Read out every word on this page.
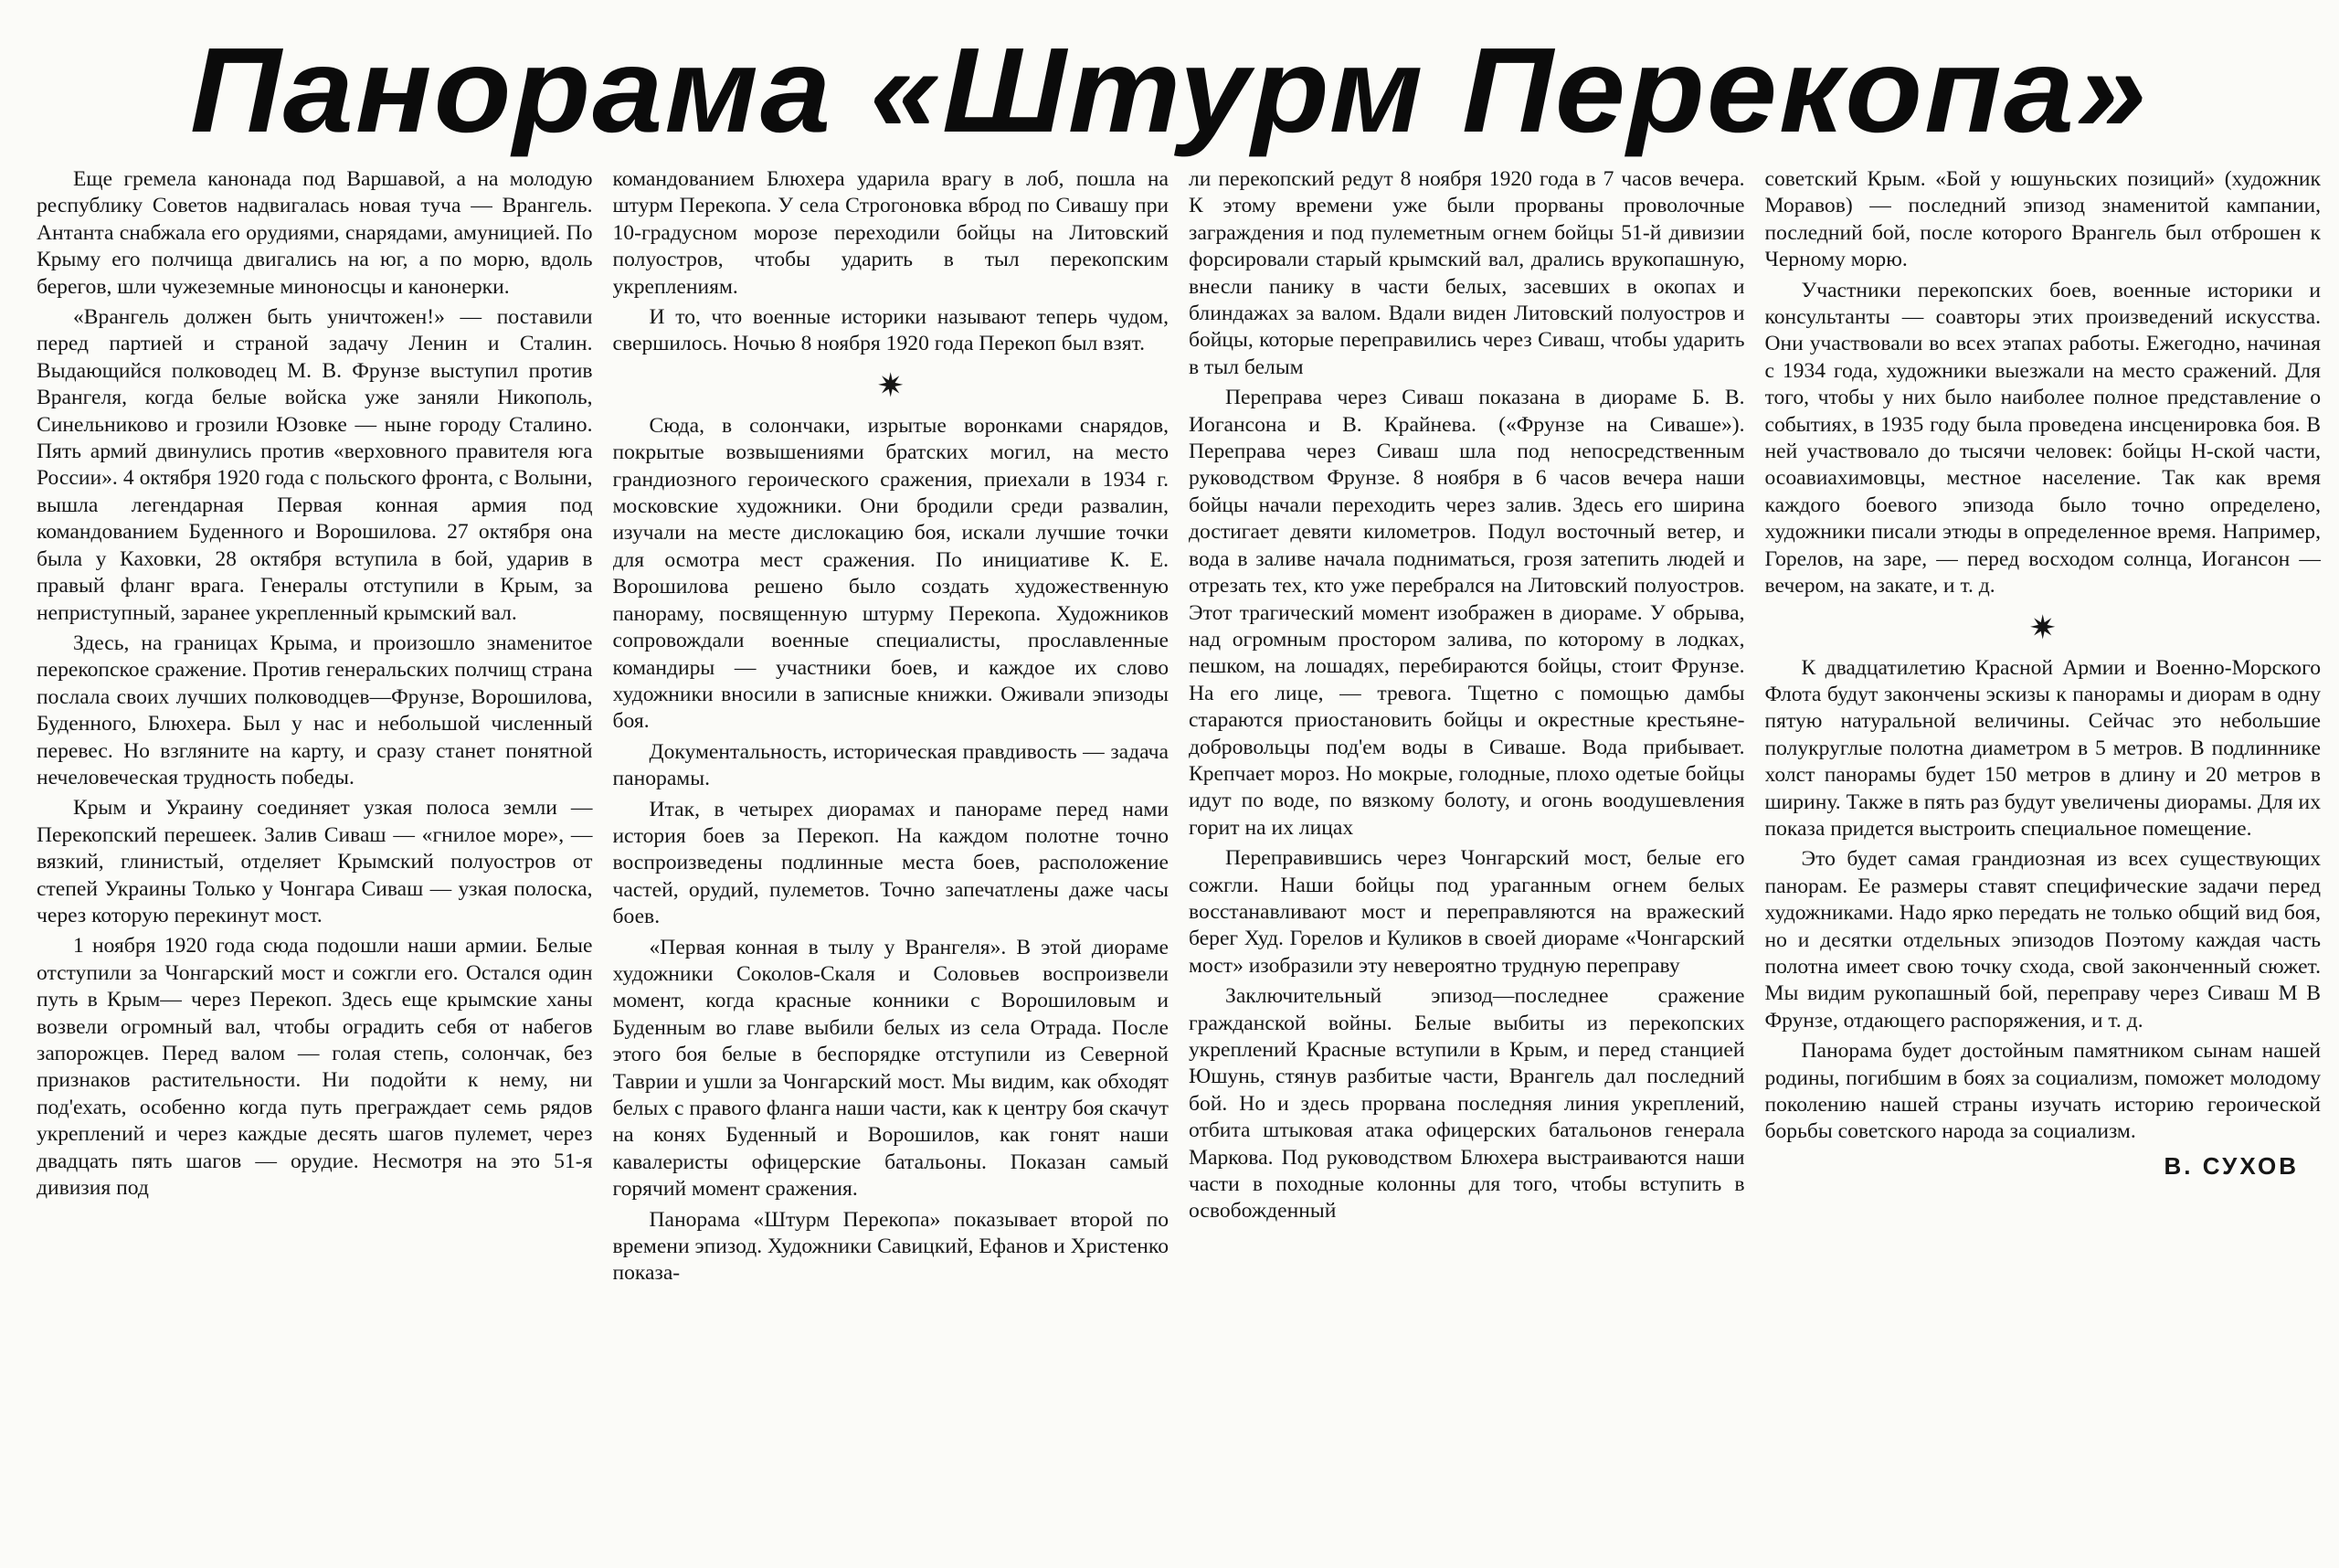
Панорама «Штурм Перекопа»

Еще гремела канонада под Варшавой, а на молодую республику Советов надвигалась новая туча — Врангель. Антанта снабжала его орудиями, снарядами, амуницией. По Крыму его полчища двигались на юг, а по морю, вдоль берегов, шли чужеземные миноносцы и канонерки.

«Врангель должен быть уничтожен!» — поставили перед партией и страной задачу Ленин и Сталин. Выдающийся полководец М. В. Фрунзе выступил против Врангеля, когда белые войска уже заняли Никополь, Синельниково и грозили Юзовке — ныне городу Сталино. Пять армий двинулись против «верховного правителя юга России». 4 октября 1920 года с польского фронта, с Волыни, вышла легендарная Первая конная армия под командованием Буденного и Ворошилова. 27 октября она была у Каховки, 28 октября вступила в бой, ударив в правый фланг врага. Генералы отступили в Крым, за неприступный, заранее укрепленный крымский вал.

Здесь, на границах Крыма, и произошло знаменитое перекопское сражение. Против генеральских полчищ страна послала своих лучших полководцев—Фрунзе, Ворошилова, Буденного, Блюхера. Был у нас и небольшой численный перевес. Но взгляните на карту, и сразу станет понятной нечеловеческая трудность победы.

Крым и Украину соединяет узкая полоса земли — Перекопский перешеек. Залив Сиваш — «гнилое море», — вязкий, глинистый, отделяет Крымский полуостров от степей Украины Только у Чонгара Сиваш — узкая полоска, через которую перекинут мост.

1 ноября 1920 года сюда подошли наши армии. Белые отступили за Чонгарский мост и сожгли его. Остался один путь в Крым— через Перекоп. Здесь еще крымские ханы возвели огромный вал, чтобы оградить себя от набегов запорожцев. Перед валом — голая степь, солончак, без признаков растительности. Ни подойти к нему, ни под'ехать, особенно когда путь преграждает семь рядов укреплений и через каждые десять шагов пулемет, через двадцать пять шагов — орудие. Несмотря на это 51-я дивизия под

командованием Блюхера ударила врагу в лоб, пошла на штурм Перекопа. У села Строгоновка вброд по Сивашу при 10-градусном морозе переходили бойцы на Литовский полуостров, чтобы ударить в тыл перекопским укреплениям.

И то, что военные историки называют теперь чудом, свершилось. Ночью 8 ноября 1920 года Перекоп был взят.

✷

Сюда, в солончаки, изрытые воронками снарядов, покрытые возвышениями братских могил, на место грандиозного героического сражения, приехали в 1934 г. московские художники. Они бродили среди развалин, изучали на месте дислокацию боя, искали лучшие точки для осмотра мест сражения. По инициативе К. Е. Ворошилова решено было создать художественную панораму, посвященную штурму Перекопа. Художников сопровождали военные специалисты, прославленные командиры — участники боев, и каждое их слово художники вносили в записные книжки. Оживали эпизоды боя.

Документальность, историческая правдивость — задача панорамы.

Итак, в четырех диорамах и панораме перед нами история боев за Перекоп. На каждом полотне точно воспроизведены подлинные места боев, расположение частей, орудий, пулеметов. Точно запечатлены даже часы боев.

«Первая конная в тылу у Врангеля». В этой диораме художники Соколов-Скаля и Соловьев воспроизвели момент, когда красные конники с Ворошиловым и Буденным во главе выбили белых из села Отрада. После этого боя белые в беспорядке отступили из Северной Таврии и ушли за Чонгарский мост. Мы видим, как обходят белых с правого фланга наши части, как к центру боя скачут на конях Буденный и Ворошилов, как гонят наши кавалеристы офицерские батальоны. Показан самый горячий момент сражения.

Панорама «Штурм Перекопа» показывает второй по времени эпизод. Художники Савицкий, Ефанов и Христенко показа-

ли перекопский редут 8 ноября 1920 года в 7 часов вечера. К этому времени уже были прорваны проволочные заграждения и под пулеметным огнем бойцы 51-й дивизии форсировали старый крымский вал, дрались врукопашную, внесли панику в части белых, засевших в окопах и блиндажах за валом. Вдали виден Литовский полуостров и бойцы, которые переправились через Сиваш, чтобы ударить в тыл белым

Переправа через Сиваш показана в диораме Б. В. Иогансона и В. Крайнева. («Фрунзе на Сиваше»). Переправа через Сиваш шла под непосредственным руководством Фрунзе. 8 ноября в 6 часов вечера наши бойцы начали переходить через залив. Здесь его ширина достигает девяти километров. Подул восточный ветер, и вода в заливе начала подниматься, грозя затепить людей и отрезать тех, кто уже перебрался на Литовский полуостров. Этот трагический момент изображен в диораме. У обрыва, над огромным простором залива, по которому в лодках, пешком, на лошадях, перебираются бойцы, стоит Фрунзе. На его лице, — тревога. Тщетно с помощью дамбы стараются приостановить бойцы и окрестные крестьяне-добровольцы под'ем воды в Сиваше. Вода прибывает. Крепчает мороз. Но мокрые, голодные, плохо одетые бойцы идут по воде, по вязкому болоту, и огонь воодушевления горит на их лицах

Переправившись через Чонгарский мост, белые его сожгли. Наши бойцы под ураганным огнем белых восстанавливают мост и переправляются на вражеский берег Худ. Горелов и Куликов в своей диораме «Чонгарский мост» изобразили эту невероятно трудную переправу

Заключительный эпизод—последнее сражение гражданской войны. Белые выбиты из перекопских укреплений Красные вступили в Крым, и перед станцией Юшунь, стянув разбитые части, Врангель дал последний бой. Но и здесь прорвана последняя линия укреплений, отбита штыковая атака офицерских батальонов генерала Маркова. Под руководством Блюхера выстраиваются наши части в походные колонны для того, чтобы вступить в освобожденный

советский Крым. «Бой у юшуньских позиций» (художник Моравов) — последний эпизод знаменитой кампании, последний бой, после которого Врангель был отброшен к Черному морю.

Участники перекопских боев, военные историки и консультанты — соавторы этих произведений искусства. Они участвовали во всех этапах работы. Ежегодно, начиная с 1934 года, художники выезжали на место сражений. Для того, чтобы у них было наиболее полное представление о событиях, в 1935 году была проведена инсценировка боя. В ней участвовало до тысячи человек: бойцы Н-ской части, осоавиахимовцы, местное население. Так как время каждого боевого эпизода было точно определено, художники писали этюды в определенное время. Например, Горелов, на заре, — перед восходом солнца, Иогансон — вечером, на закате, и т. д.

✷

К двадцатилетию Красной Армии и Военно-Морского Флота будут закончены эскизы к панорамы и диорам в одну пятую натуральной величины. Сейчас это небольшие полукруглые полотна диаметром в 5 метров. В подлиннике холст панорамы будет 150 метров в длину и 20 метров в ширину. Также в пять раз будут увеличены диорамы. Для их показа придется выстроить специальное помещение.

Это будет самая грандиозная из всех существующих панорам. Ее размеры ставят специфические задачи перед художниками. Надо ярко передать не только общий вид боя, но и десятки отдельных эпизодов Поэтому каждая часть полотна имеет свою точку схода, свой законченный сюжет. Мы видим рукопашный бой, переправу через Сиваш М В Фрунзе, отдающего распоряжения, и т. д.

Панорама будет достойным памятником сынам нашей родины, погибшим в боях за социализм, поможет молодому поколению нашей страны изучать историю героической борьбы советского народа за социализм.

В. СУХОВ
